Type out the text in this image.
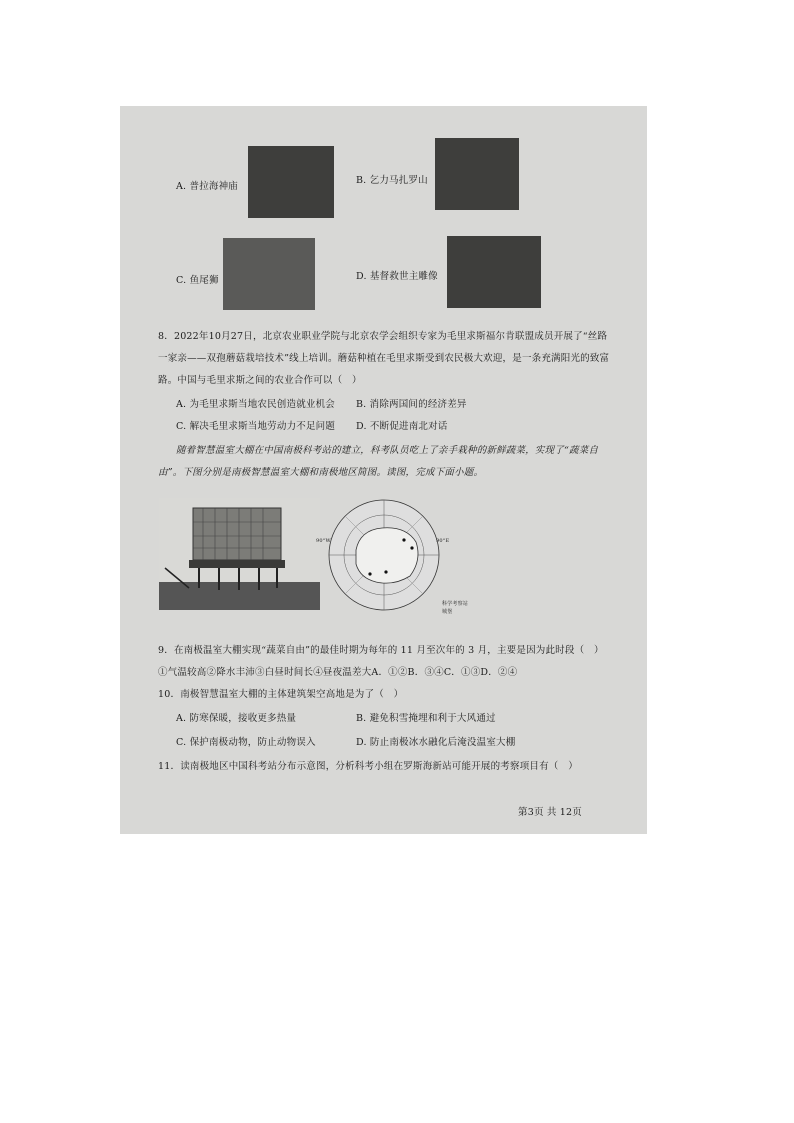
A. 普拉海神庙
B. 乞力马扎罗山
C. 鱼尾狮	D. 基督救世主雕像
8．2022年10月27日，北京农业职业学院与北京农学会组织专家为毛里求斯福尔肯联盟成员开展了“丝路
一家亲——双孢蘑菇栽培技术”线上培训。蘑菇种植在毛里求斯受到农民极大欢迎，是一条充满阳光的致富
路。中国与毛里求斯之间的农业合作可以（　）
A. 为毛里求斯当地农民创造就业机会 B. 消除两国间的经济差异
C. 解决毛里求斯当地劳动力不足问题 D. 不断促进南北对话
随着智慧温室大棚在中国南极科考站的建立，科考队员吃上了亲手栽种的新鲜蔬菜，实现了“蔬菜自
由”。下图分别是南极智慧温室大棚和南极地区简图。读图，完成下面小题。
科学考察站
城堡
90°W	90°E
9．在南极温室大棚实现“蔬菜自由”的最佳时期为每年的 11 月至次年的 3 月，主要是因为此时段（　）
①气温较高②降水丰沛③白昼时间长④昼夜温差大A．①②B．③④C．①③D．②④
10．南极智慧温室大棚的主体建筑架空高地是为了（　）
A. 防寒保暖，接收更多热量	B. 避免积雪掩埋和利于大风通过
C. 保护南极动物，防止动物误入	D. 防止南极冰水融化后淹没温室大棚
11．读南极地区中国科考站分布示意图，分析科考小组在罗斯海新站可能开展的考察项目有（　）
第3页 共 12页
